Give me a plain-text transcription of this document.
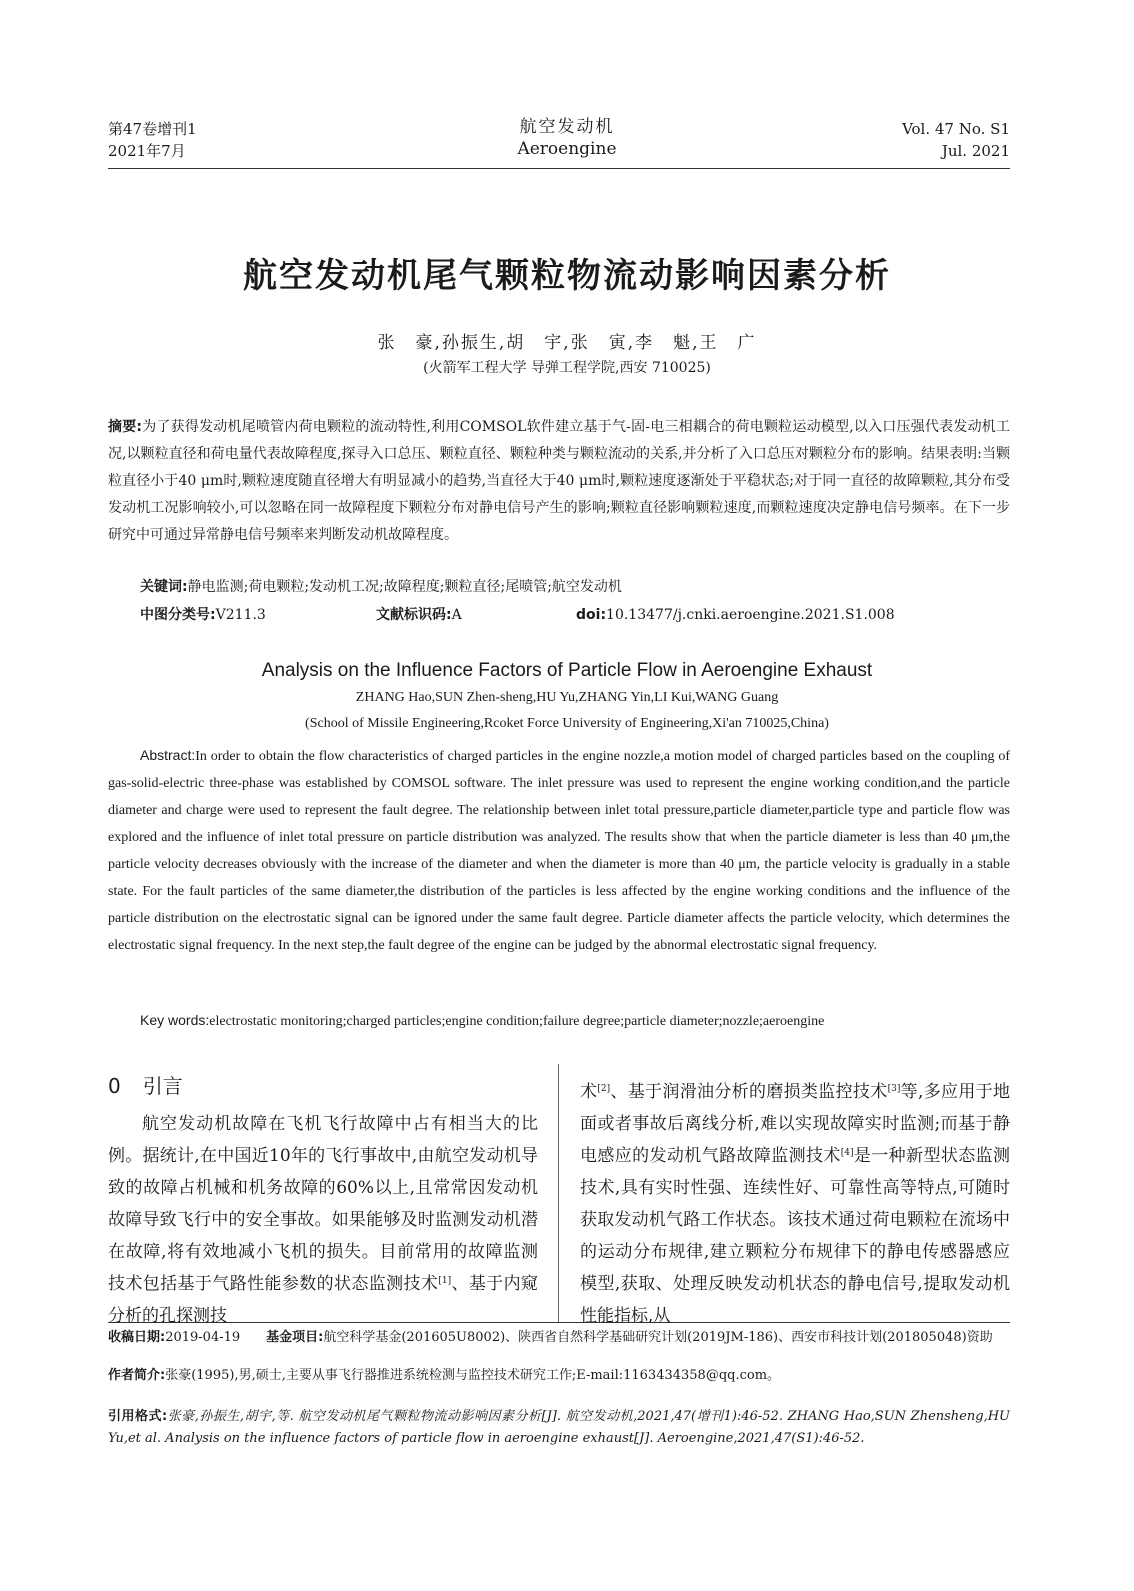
第47卷增刊1
2021年7月
航空发动机
Aeroengine
Vol. 47 No. S1
Jul. 2021
航空发动机尾气颗粒物流动影响因素分析
张　豪,孙振生,胡　宇,张　寅,李　魁,王　广
(火箭军工程大学 导弹工程学院,西安 710025)
摘要:为了获得发动机尾喷管内荷电颗粒的流动特性,利用COMSOL软件建立基于气-固-电三相耦合的荷电颗粒运动模型,以入口压强代表发动机工况,以颗粒直径和荷电量代表故障程度,探寻入口总压、颗粒直径、颗粒种类与颗粒流动的关系,并分析了入口总压对颗粒分布的影响。结果表明:当颗粒直径小于40 μm时,颗粒速度随直径增大有明显减小的趋势,当直径大于40 μm时,颗粒速度逐渐处于平稳状态;对于同一直径的故障颗粒,其分布受发动机工况影响较小,可以忽略在同一故障程度下颗粒分布对静电信号产生的影响;颗粒直径影响颗粒速度,而颗粒速度决定静电信号频率。在下一步研究中可通过异常静电信号频率来判断发动机故障程度。
关键词:静电监测;荷电颗粒;发动机工况;故障程度;颗粒直径;尾喷管;航空发动机
中图分类号:V211.3	文献标识码:A	doi:10.13477/j.cnki.aeroengine.2021.S1.008
Analysis on the Influence Factors of Particle Flow in Aeroengine Exhaust
ZHANG Hao,SUN Zhen-sheng,HU Yu,ZHANG Yin,LI Kui,WANG Guang
(School of Missile Engineering,Rcoket Force University of Engineering,Xi'an 710025,China)
Abstract:In order to obtain the flow characteristics of charged particles in the engine nozzle,a motion model of charged particles based on the coupling of gas-solid-electric three-phase was established by COMSOL software. The inlet pressure was used to represent the engine working condition,and the particle diameter and charge were used to represent the fault degree. The relationship between inlet total pressure,particle diameter,particle type and particle flow was explored and the influence of inlet total pressure on particle distribution was analyzed. The results show that when the particle diameter is less than 40 μm,the particle velocity decreases obviously with the increase of the diameter and when the diameter is more than 40 μm, the particle velocity is gradually in a stable state. For the fault particles of the same diameter,the distribution of the particles is less affected by the engine working conditions and the influence of the particle distribution on the electrostatic signal can be ignored under the same fault degree. Particle diameter affects the particle velocity, which determines the electrostatic signal frequency. In the next step,the fault degree of the engine can be judged by the abnormal electrostatic signal frequency.
Key words:electrostatic monitoring;charged particles;engine condition;failure degree;particle diameter;nozzle;aeroengine
0 引言
航空发动机故障在飞机飞行故障中占有相当大的比例。据统计,在中国近10年的飞行事故中,由航空发动机导致的故障占机械和机务故障的60%以上,且常常因发动机故障导致飞行中的安全事故。如果能够及时监测发动机潜在故障,将有效地减小飞机的损失。目前常用的故障监测技术包括基于气路性能参数的状态监测技术[1]、基于内窥分析的孔探测技
术[2]、基于润滑油分析的磨损类监控技术[3]等,多应用于地面或者事故后离线分析,难以实现故障实时监测;而基于静电感应的发动机气路故障监测技术[4]是一种新型状态监测技术,具有实时性强、连续性好、可靠性高等特点,可随时获取发动机气路工作状态。该技术通过荷电颗粒在流场中的运动分布规律,建立颗粒分布规律下的静电传感器感应模型,获取、处理反映发动机状态的静电信号,提取发动机性能指标,从
收稿日期:2019-04-19 基金项目:航空科学基金(201605U8002)、陕西省自然科学基础研究计划(2019JM-186)、西安市科技计划(201805048)资助
作者简介:张豪(1995),男,硕士,主要从事飞行器推进系统检测与监控技术研究工作;E-mail:1163434358@qq.com。
引用格式:张豪,孙振生,胡宇,等. 航空发动机尾气颗粒物流动影响因素分析[J]. 航空发动机,2021,47(增刊1):46-52. ZHANG Hao,SUN Zhensheng,HU Yu,et al. Analysis on the influence factors of particle flow in aeroengine exhaust[J]. Aeroengine,2021,47(S1):46-52.
